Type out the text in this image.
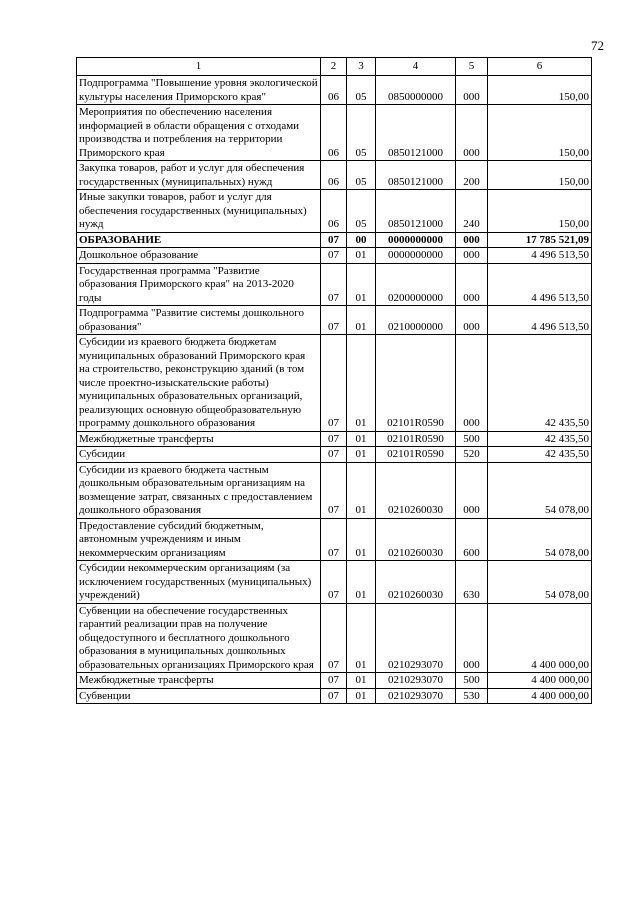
72
1	2	3	4	5	6
Подпрограмма "Повышение уровня экологической культуры населения Приморского края"	06	05	0850000000	000	150,00
Мероприятия по обеспечению населения информацией в области обращения с отходами производства и потребления на территории Приморского края	06	05	0850121000	000	150,00
Закупка товаров, работ и услуг для обеспечения государственных (муниципальных) нужд	06	05	0850121000	200	150,00
Иные закупки товаров, работ и услуг для обеспечения государственных (муниципальных) нужд	06	05	0850121000	240	150,00
ОБРАЗОВАНИЕ	07	00	0000000000	000	17 785 521,09
Дошкольное образование	07	01	0000000000	000	4 496 513,50
Государственная программа "Развитие образования Приморского края" на 2013-2020 годы	07	01	0200000000	000	4 496 513,50
Подпрограмма "Развитие системы дошкольного образования"	07	01	0210000000	000	4 496 513,50
Субсидии из краевого бюджета бюджетам муниципальных образований Приморского края на строительство, реконструкцию зданий (в том числе проектно-изыскательские работы) муниципальных образовательных организаций, реализующих основную общеобразовательную программу дошкольного образования	07	01	02101R0590	000	42 435,50
Межбюджетные трансферты	07	01	02101R0590	500	42 435,50
Субсидии	07	01	02101R0590	520	42 435,50
Субсидии из краевого бюджета частным дошкольным образовательным организациям на возмещение затрат, связанных с предоставлением дошкольного образования	07	01	0210260030	000	54 078,00
Предоставление субсидий бюджетным, автономным учреждениям и иным некоммерческим организациям	07	01	0210260030	600	54 078,00
Субсидии некоммерческим организациям (за исключением государственных (муниципальных) учреждений)	07	01	0210260030	630	54 078,00
Субвенции на обеспечение государственных гарантий реализации прав на получение общедоступного и бесплатного дошкольного образования в муниципальных дошкольных образовательных организациях Приморского края	07	01	0210293070	000	4 400 000,00
Межбюджетные трансферты	07	01	0210293070	500	4 400 000,00
Субвенции	07	01	0210293070	530	4 400 000,00
